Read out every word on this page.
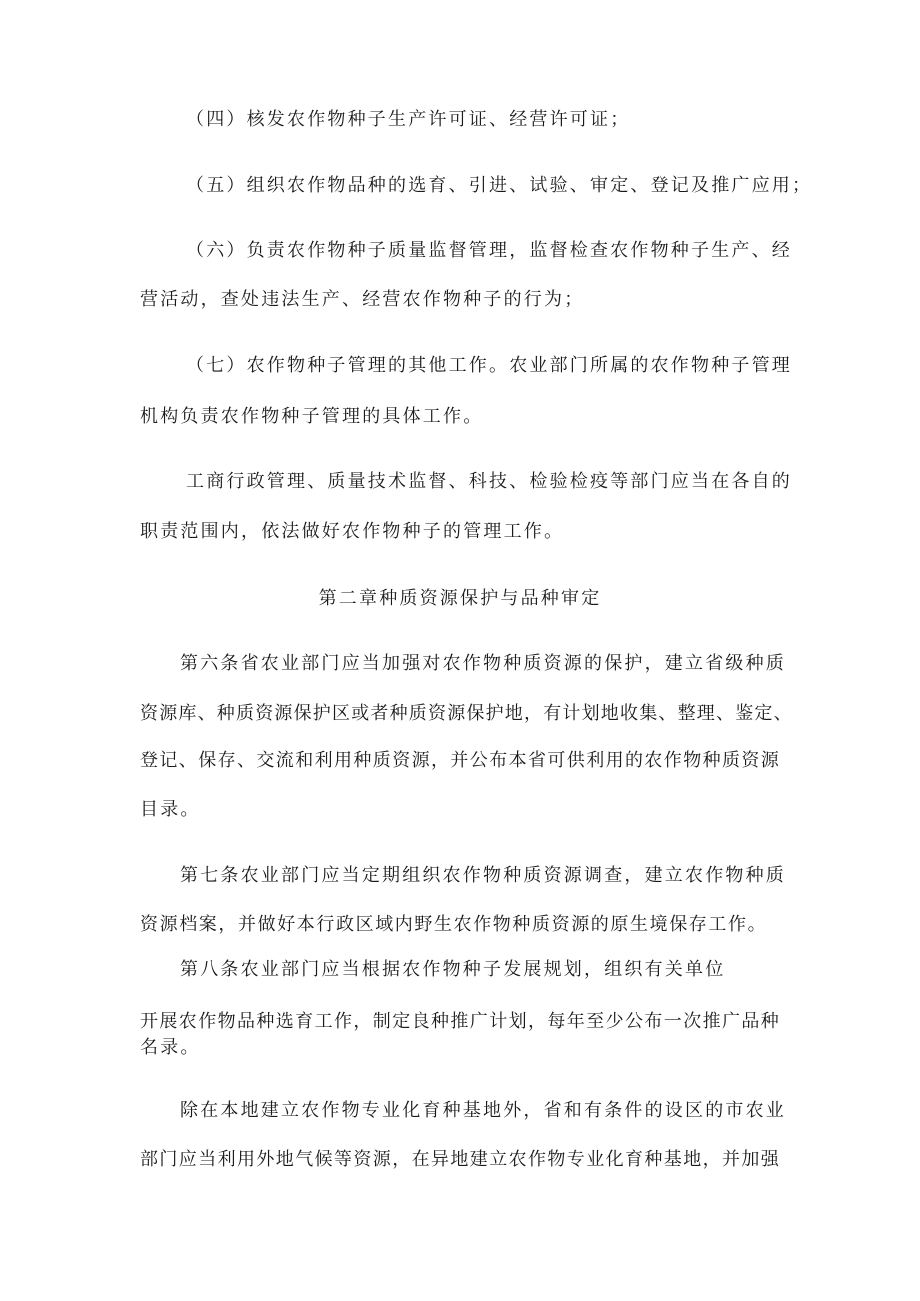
（四）核发农作物种子生产许可证、经营许可证；
（五）组织农作物品种的选育、引进、试验、审定、登记及推广应用；
（六）负责农作物种子质量监督管理，监督检查农作物种子生产、经
营活动，查处违法生产、经营农作物种子的行为；
（七）农作物种子管理的其他工作。农业部门所属的农作物种子管理
机构负责农作物种子管理的具体工作。
工商行政管理、质量技术监督、科技、检验检疫等部门应当在各自的
职责范围内，依法做好农作物种子的管理工作。
第二章种质资源保护与品种审定
第六条省农业部门应当加强对农作物种质资源的保护，建立省级种质
资源库、种质资源保护区或者种质资源保护地，有计划地收集、整理、鉴定、
登记、保存、交流和利用种质资源，并公布本省可供利用的农作物种质资源
目录。
第七条农业部门应当定期组织农作物种质资源调查，建立农作物种质
资源档案，并做好本行政区域内野生农作物种质资源的原生境保存工作。
第八条农业部门应当根据农作物种子发展规划，组织有关单位
开展农作物品种选育工作，制定良种推广计划，每年至少公布一次推广品种
名录。
除在本地建立农作物专业化育种基地外，省和有条件的设区的市农业
部门应当利用外地气候等资源，在异地建立农作物专业化育种基地，并加强
